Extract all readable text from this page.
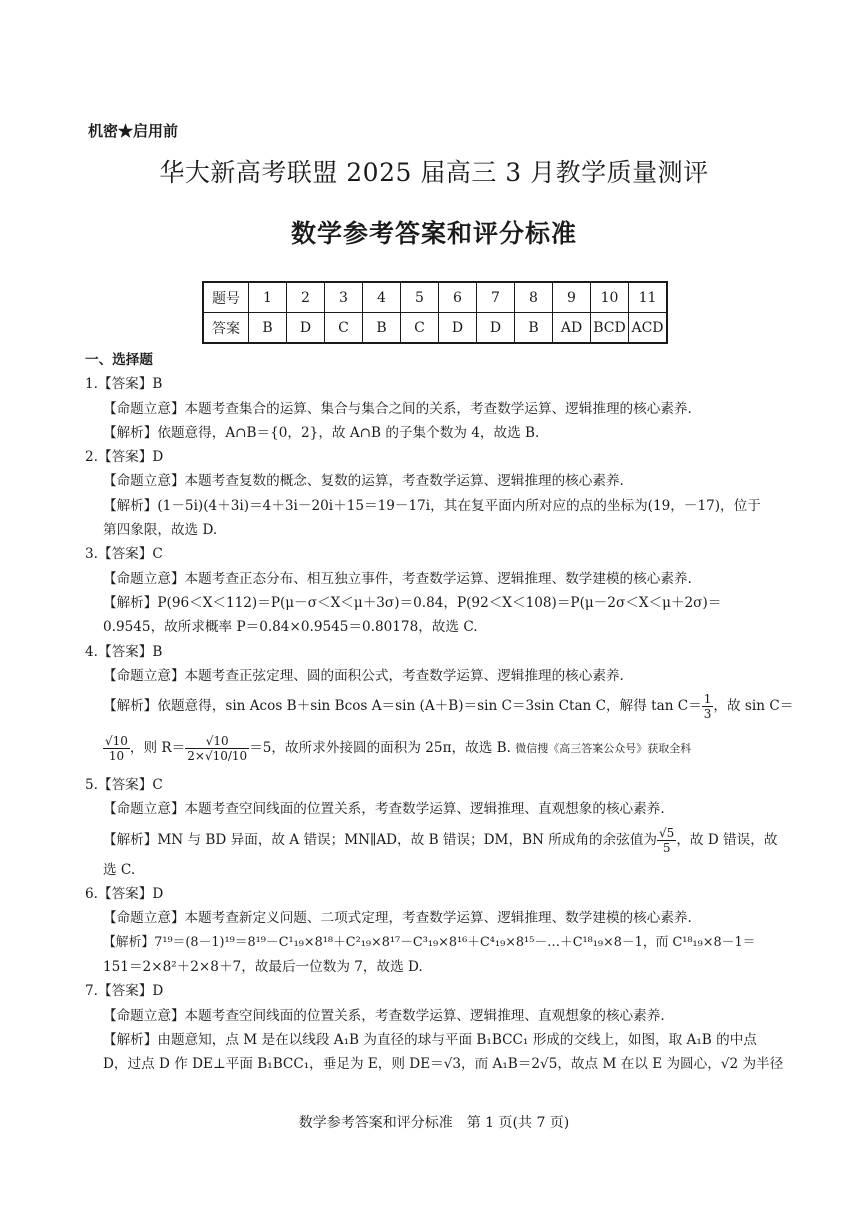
机密★启用前
华大新高考联盟 2025 届高三 3 月教学质量测评
数学参考答案和评分标准
题号	1	2	3	4	5	6	7	8	9	10	11
答案	B	D	C	B	C	D	D	B	AD	BCD	ACD
一、选择题
1.【答案】B
【命题立意】本题考查集合的运算、集合与集合之间的关系，考查数学运算、逻辑推理的核心素养.
【解析】依题意得，A∩B＝{0，2}，故 A∩B 的子集个数为 4，故选 B.
2.【答案】D
【命题立意】本题考查复数的概念、复数的运算，考查数学运算、逻辑推理的核心素养.
【解析】(1－5i)(4＋3i)＝4＋3i－20i＋15＝19－17i，其在复平面内所对应的点的坐标为(19，－17)，位于
第四象限，故选 D.
3.【答案】C
【命题立意】本题考查正态分布、相互独立事件，考查数学运算、逻辑推理、数学建模的核心素养.
【解析】P(96＜X＜112)＝P(μ－σ＜X＜μ＋3σ)＝0.84，P(92＜X＜108)＝P(μ－2σ＜X＜μ＋2σ)＝
0.9545，故所求概率 P＝0.84×0.9545＝0.80178，故选 C.
4.【答案】B
【命题立意】本题考查正弦定理、圆的面积公式，考查数学运算、逻辑推理的核心素养.
【解析】依题意得，sin Acos B＋sin Bcos A＝sin (A＋B)＝sin C＝3sin Ctan C，解得 $\tan C= \frac{1}{3}$ ，故 sin C＝
$\frac{√10}{10}$ ，则 $R= \frac{√10}{2\times√10/10} =5$，故所求外接圆的面积为 25π，故选 B. 微信搜《高三答案公众号》获取全科
5.【答案】C
【命题立意】本题考查空间线面的位置关系，考查数学运算、逻辑推理、直观想象的核心素养.
【解析】MN 与 BD 异面，故 A 错误；MN∥AD，故 B 错误；DM，BN 所成角的余弦值为 $\frac{√5}{5}$ ，故 D 错误，故
选 C.
6.【答案】D
【命题立意】本题考查新定义问题、二项式定理，考查数学运算、逻辑推理、数学建模的核心素养.
【解析】7¹⁹＝(8－1)¹⁹＝8¹⁹－C¹₁₉×8¹⁸＋C²₁₉×8¹⁷－C³₁₉×8¹⁶＋C⁴₁₉×8¹⁵－…＋C¹⁸₁₉×8－1，而 C¹⁸₁₉×8－1＝
151＝2×8²＋2×8＋7，故最后一位数为 7，故选 D.
7.【答案】D
【命题立意】本题考查空间线面的位置关系，考查数学运算、逻辑推理、直观想象的核心素养.
【解析】由题意知，点 M 是在以线段 A₁B 为直径的球与平面 B₁BCC₁ 形成的交线上，如图，取 A₁B 的中点
D，过点 D 作 DE⊥平面 B₁BCC₁，垂足为 E，则 DE＝√3，而 A₁B＝2√5，故点 M 在以 E 为圆心，√2 为半径
数学参考答案和评分标准　第 1 页(共 7 页)
